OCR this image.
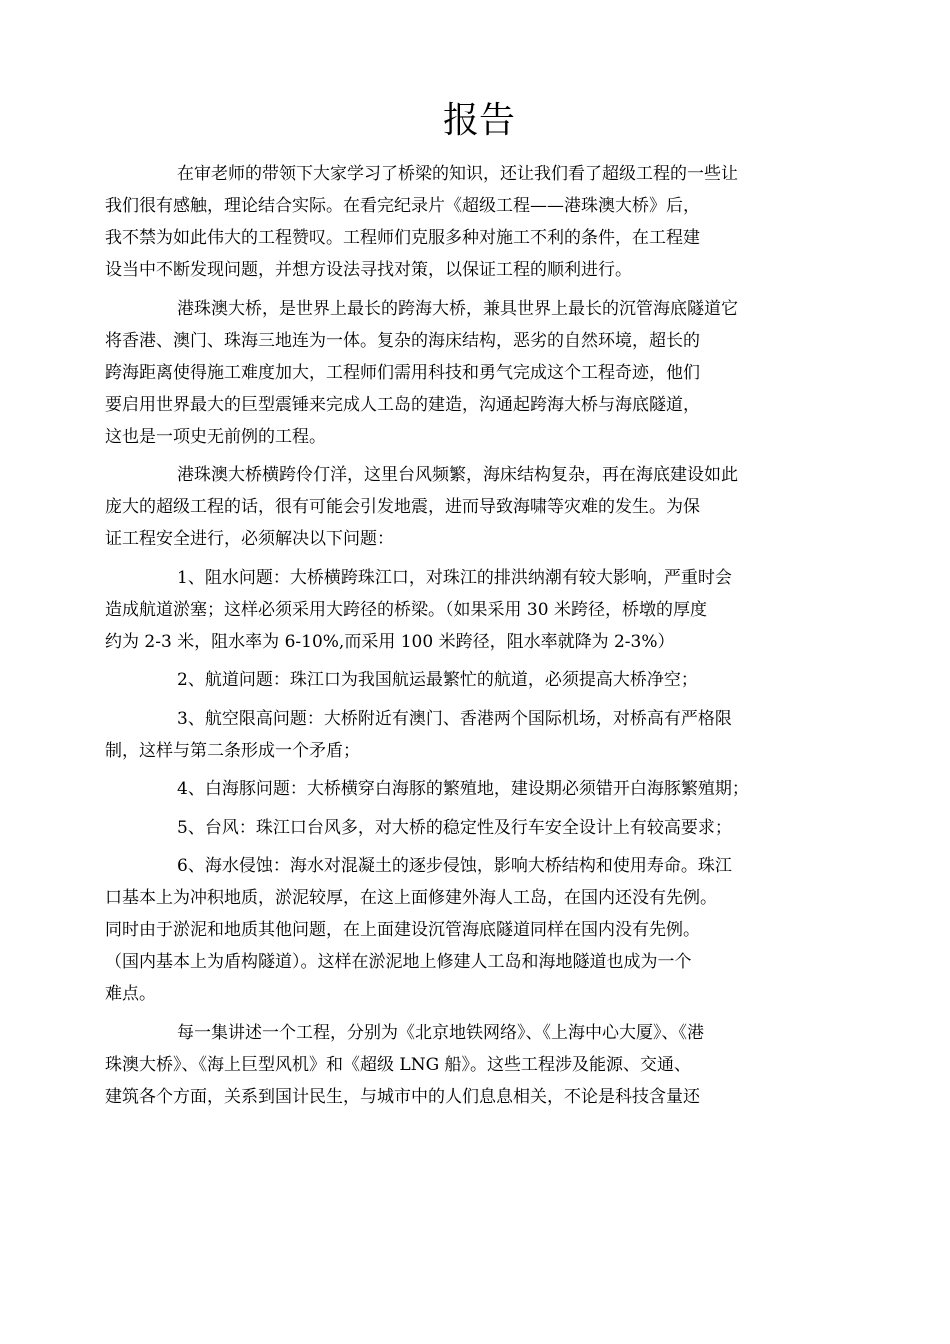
报告

在审老师的带领下大家学习了桥梁的知识，还让我们看了超级工程的一些让
我们很有感触，理论结合实际。在看完纪录片《超级工程——港珠澳大桥》后，
我不禁为如此伟大的工程赞叹。工程师们克服多种对施工不利的条件，在工程建
设当中不断发现问题，并想方设法寻找对策，以保证工程的顺利进行。

港珠澳大桥，是世界上最长的跨海大桥，兼具世界上最长的沉管海底隧道它
将香港、澳门、珠海三地连为一体。复杂的海床结构，恶劣的自然环境，超长的
跨海距离使得施工难度加大，工程师们需用科技和勇气完成这个工程奇迹，他们
要启用世界最大的巨型震锤来完成人工岛的建造，沟通起跨海大桥与海底隧道，
这也是一项史无前例的工程。

港珠澳大桥横跨伶仃洋，这里台风频繁，海床结构复杂，再在海底建设如此
庞大的超级工程的话，很有可能会引发地震，进而导致海啸等灾难的发生。为保
证工程安全进行，必须解决以下问题：

1、阻水问题：大桥横跨珠江口，对珠江的排洪纳潮有较大影响，严重时会
造成航道淤塞；这样必须采用大跨径的桥梁。（如果采用 30 米跨径，桥墩的厚度
约为 2-3 米，阻水率为 6-10%,而采用 100 米跨径，阻水率就降为 2-3%）

2、航道问题：珠江口为我国航运最繁忙的航道，必须提高大桥净空；

3、航空限高问题：大桥附近有澳门、香港两个国际机场，对桥高有严格限
制，这样与第二条形成一个矛盾；

4、白海豚问题：大桥横穿白海豚的繁殖地，建设期必须错开白海豚繁殖期；

5、台风：珠江口台风多，对大桥的稳定性及行车安全设计上有较高要求；

6、海水侵蚀：海水对混凝土的逐步侵蚀，影响大桥结构和使用寿命。珠江
口基本上为冲积地质，淤泥较厚，在这上面修建外海人工岛，在国内还没有先例。
同时由于淤泥和地质其他问题，在上面建设沉管海底隧道同样在国内没有先例。
（国内基本上为盾构隧道）。这样在淤泥地上修建人工岛和海地隧道也成为一个
难点。

每一集讲述一个工程，分别为《北京地铁网络》、《上海中心大厦》、《港
珠澳大桥》、《海上巨型风机》和《超级 LNG 船》。这些工程涉及能源、交通、
建筑各个方面，关系到国计民生，与城市中的人们息息相关，不论是科技含量还
